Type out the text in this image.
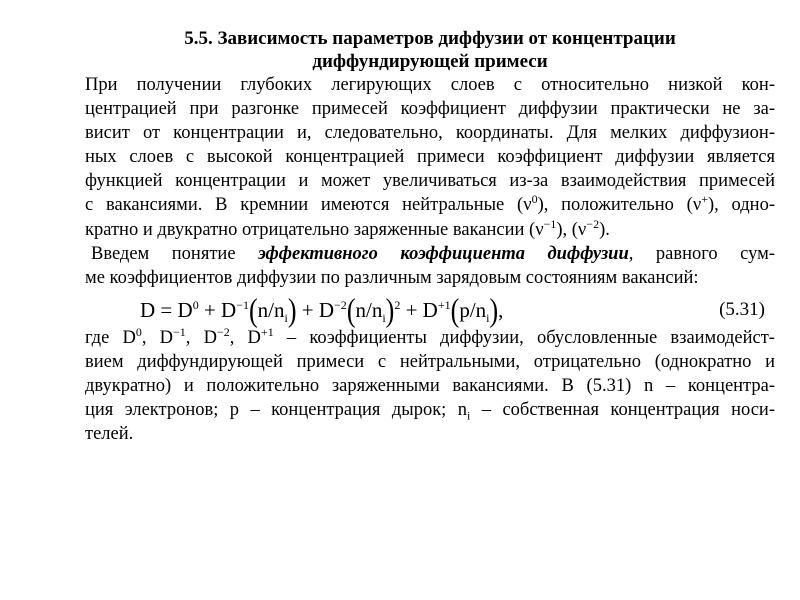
5.5. Зависимость параметров диффузии от концентрации
диффундирующей примеси
При получении глубоких легирующих слоев с относительно низкой кон-
центрацией при разгонке примесей коэффициент диффузии практически не за-
висит от концентрации и, следовательно, координаты. Для мелких диффузион-
ных слоев с высокой концентрацией примеси коэффициент диффузии является
функцией концентрации и может увеличиваться из-за взаимодействия примесей
с вакансиями. В кремнии имеются нейтральные $(\nu^0)$, положительно (ν+), одно-
кратно и двукратно отрицательно заряженные вакансии $(\nu^{-1})$, $(\nu^{-2})$.
Введем понятие эффективного коэффициента диффузии, равного сум-
ме коэффициентов диффузии по различным зарядовым состояниям вакансий:
$D = D^0 + D^{-1}(n/n_i) + D^{-2}(n/n_i)^2 + D^{+1}(p/n_i)$,	(5.31)
где $D^0$, $D^{-1}$, $D^{-2}$, $D^{+1}$ – коэффициенты диффузии, обусловленные взаимодейст-
вием диффундирующей примеси с нейтральными, отрицательно (однократно и
двукратно) и положительно заряженными вакансиями. В (5.31) n – концентра-
ция электронов; p – концентрация дырок; $n_i$ – собственная концентрация носи-
телей.
